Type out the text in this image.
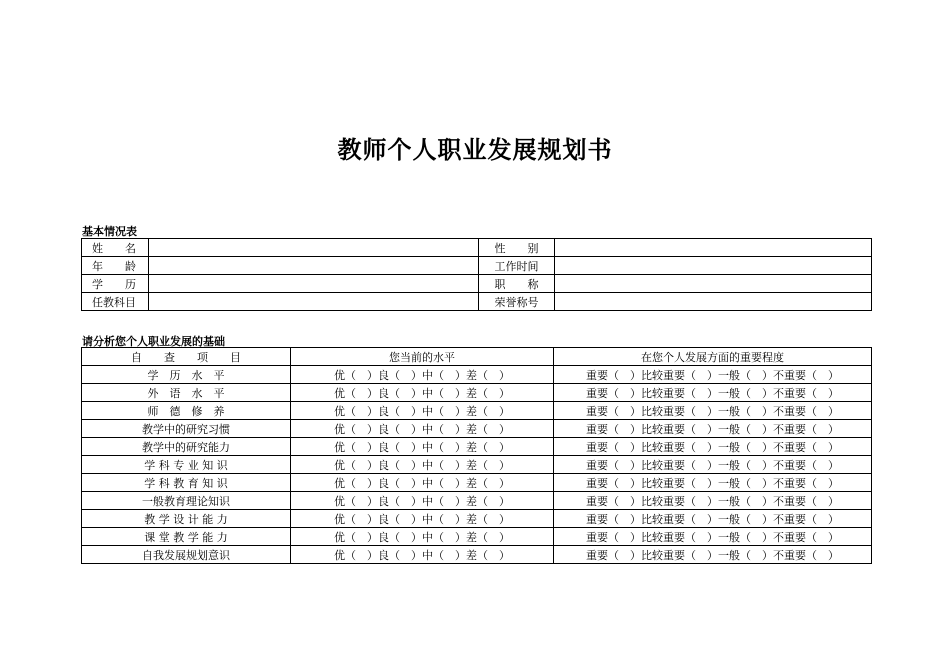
教师个人职业发展规划书
基本情况表
姓　　名		性　　别	
年　　龄		工作时间	
学　　历		职　　称	
任教科目		荣誉称号	
请分析您个人职业发展的基础
自　　查　　项　　目	您当前的水平	在您个人发展方面的重要程度
学　历　水　平	优（　）良（　）中（　）差（　）	重要（　）比较重要（　）一般（　）不重要（　）
外　语　水　平	优（　）良（　）中（　）差（　）	重要（　）比较重要（　）一般（　）不重要（　）
师　德　修　养	优（　）良（　）中（　）差（　）	重要（　）比较重要（　）一般（　）不重要（　）
教学中的研究习惯	优（　）良（　）中（　）差（　）	重要（　）比较重要（　）一般（　）不重要（　）
教学中的研究能力	优（　）良（　）中（　）差（　）	重要（　）比较重要（　）一般（　）不重要（　）
学 科 专 业 知 识	优（　）良（　）中（　）差（　）	重要（　）比较重要（　）一般（　）不重要（　）
学 科 教 育 知 识	优（　）良（　）中（　）差（　）	重要（　）比较重要（　）一般（　）不重要（　）
一般教育理论知识	优（　）良（　）中（　）差（　）	重要（　）比较重要（　）一般（　）不重要（　）
教 学 设 计 能 力	优（　）良（　）中（　）差（　）	重要（　）比较重要（　）一般（　）不重要（　）
课 堂 教 学 能 力	优（　）良（　）中（　）差（　）	重要（　）比较重要（　）一般（　）不重要（　）
自我发展规划意识	优（　）良（　）中（　）差（　）	重要（　）比较重要（　）一般（　）不重要（　）
